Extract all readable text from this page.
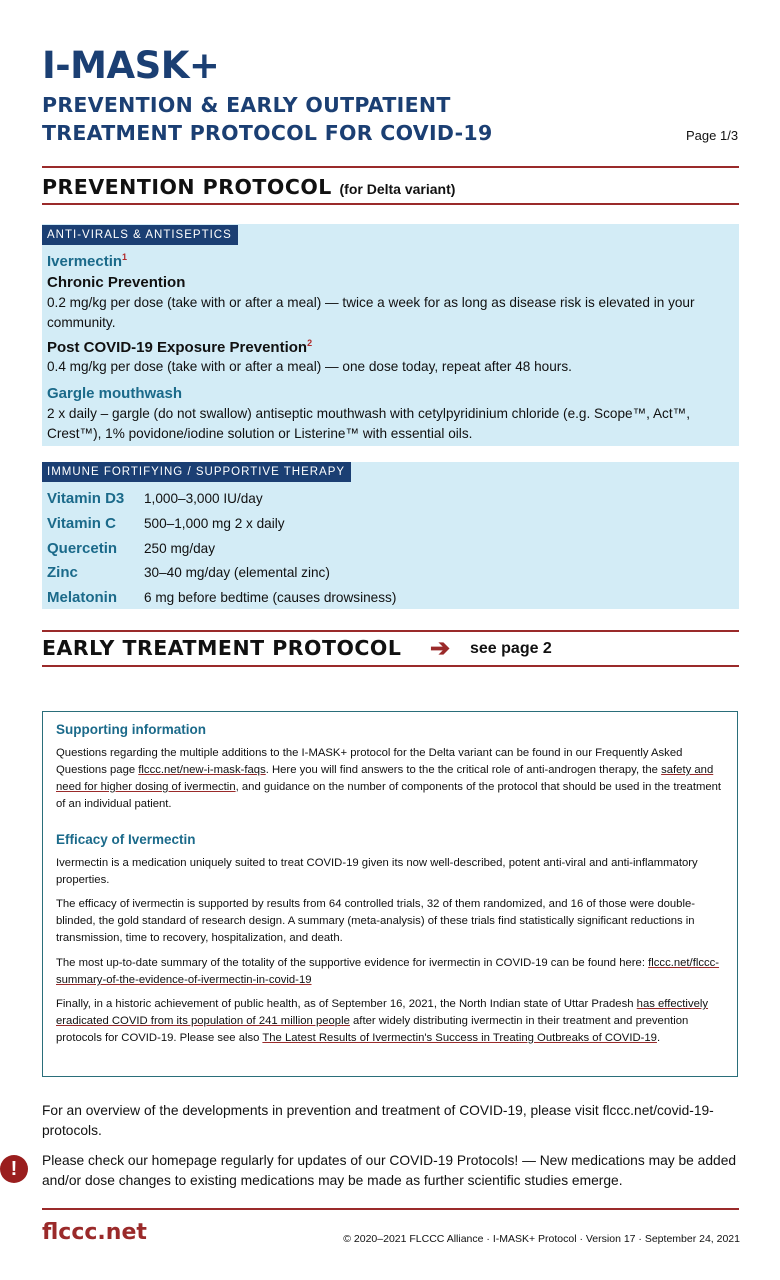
I-MASK+
PREVENTION & EARLY OUTPATIENT
TREATMENT PROTOCOL FOR COVID-19	Page 1/3
PREVENTION PROTOCOL (for Delta variant)
ANTI-VIRALS & ANTISEPTICS
Ivermectin$^1$
Chronic Prevention
0.2 mg/kg per dose (take with or after a meal) — twice a week for as long as disease risk is elevated in your community.
Post COVID-19 Exposure Prevention$^2$
0.4 mg/kg per dose (take with or after a meal) — one dose today, repeat after 48 hours.
Gargle mouthwash
2 x daily – gargle (do not swallow) antiseptic mouthwash with cetylpyridinium chloride (e.g. Scope™, Act™, Crest™), 1% povidone/iodine solution or Listerine™ with essential oils.
IMMUNE FORTIFYING / SUPPORTIVE THERAPY
Vitamin D3 1,000–3,000 IU/day
Vitamin C 500–1,000 mg 2 x daily
Quercetin 250 mg/day
Zinc	30–40 mg/day (elemental zinc)
Melatonin 6 mg before bedtime (causes drowsiness)
EARLY TREATMENT PROTOCOL ➔ see page 2
Supporting information
Questions regarding the multiple additions to the I-MASK+ protocol for the Delta variant can be found in our Frequently Asked Questions page flccc.net/new-i-mask-faqs. Here you will find answers to the the critical role of anti-androgen therapy, the safety and need for higher dosing of ivermectin, and guidance on the number of components of the protocol that should be used in the treatment of an individual patient.
Efficacy of Ivermectin
Ivermectin is a medication uniquely suited to treat COVID-19 given its now well-described, potent anti-viral and anti-inflammatory properties.
The efficacy of ivermectin is supported by results from 64 controlled trials, 32 of them randomized, and 16 of those were double-blinded, the gold standard of research design. A summary (meta-analysis) of these trials find statistically significant reductions in transmission, time to recovery, hospitalization, and death.
The most up-to-date summary of the totality of the supportive evidence for ivermectin in COVID-19 can be found here: flccc.net/flccc-summary-of-the-evidence-of-ivermectin-in-covid-19
Finally, in a historic achievement of public health, as of September 16, 2021, the North Indian state of Uttar Pradesh has effectively eradicated COVID from its population of 241 million people after widely distributing ivermectin in their treatment and prevention protocols for COVID-19. Please see also The Latest Results of Ivermectin's Success in Treating Outbreaks of COVID-19.
For an overview of the developments in prevention and treatment of COVID-19, please visit flccc.net/covid-19-protocols.
!	Please check our homepage regularly for updates of our COVID-19 Protocols! — New medications may be added and/or dose changes to existing medications may be made as further scientific studies emerge.
flccc.net	© 2020–2021 FLCCC Alliance · I-MASK+ Protocol · Version 17 · September 24, 2021
